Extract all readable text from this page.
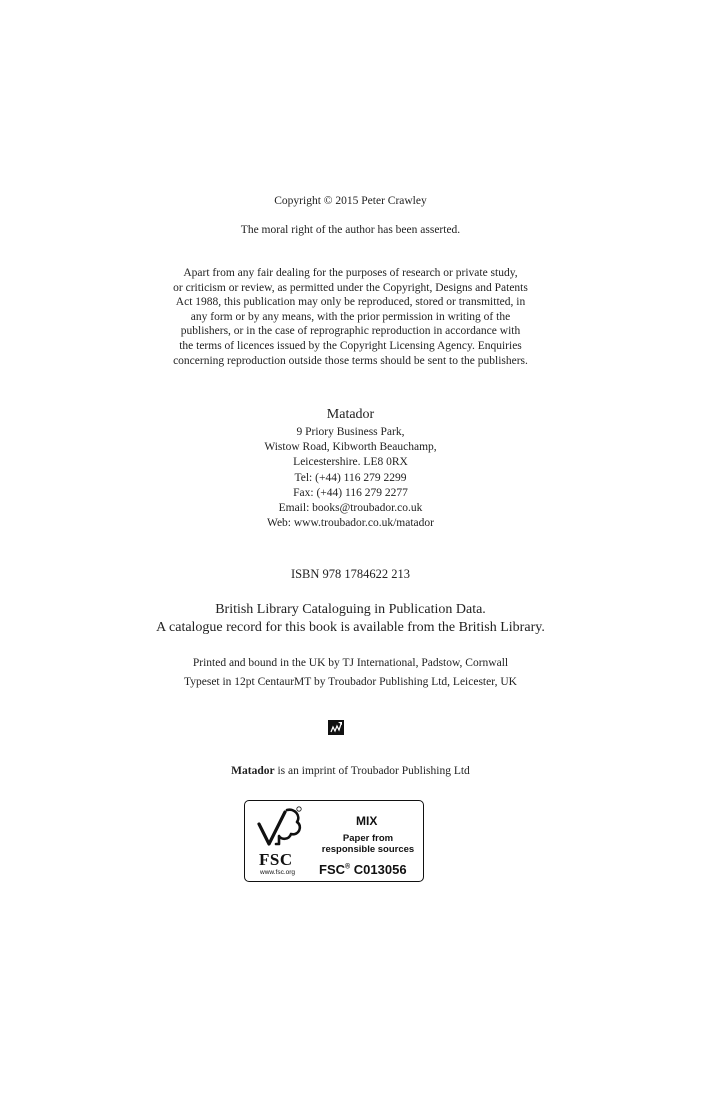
Copyright © 2015 Peter Crawley

The moral right of the author has been asserted.

Apart from any fair dealing for the purposes of research or private study,
or criticism or review, as permitted under the Copyright, Designs and Patents
Act 1988, this publication may only be reproduced, stored or transmitted, in
any form or by any means, with the prior permission in writing of the
publishers, or in the case of reprographic reproduction in accordance with
the terms of licences issued by the Copyright Licensing Agency. Enquiries
concerning reproduction outside those terms should be sent to the publishers.

Matador

9 Priory Business Park,
Wistow Road, Kibworth Beauchamp,
Leicestershire. LE8 0RX
Tel: (+44) 116 279 2299
Fax: (+44) 116 279 2277
Email: books@troubador.co.uk
Web: www.troubador.co.uk/matador

ISBN 978 1784622 213

British Library Cataloguing in Publication Data.

A catalogue record for this book is available from the British Library.

Printed and bound in the UK by TJ International, Padstow, Cornwall

Typeset in 12pt CentaurMT by Troubador Publishing Ltd, Leicester, UK

Matador is an imprint of Troubador Publishing Ltd

FSC
www.fsc.org
MIX
Paper from
responsible sources
FSC® C013056
